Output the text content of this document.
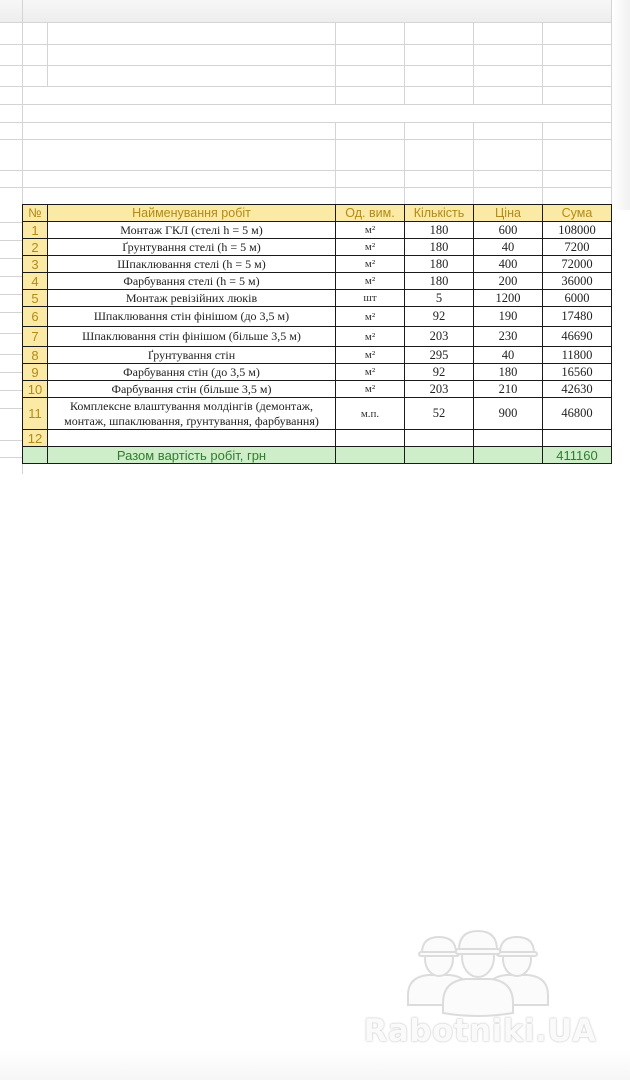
№	Найменування робіт	Од. вим.	Кількість	Ціна	Сума
1	Монтаж ГКЛ (стелі h = 5 м)	м²	180	600	108000
2	Ґрунтування стелі (h = 5 м)	м²	180	40	7200
3	Шпаклювання стелі (h = 5 м)	м²	180	400	72000
4	Фарбування стелі (h = 5 м)	м²	180	200	36000
5	Монтаж ревізійних люків	шт	5	1200	6000
6	Шпаклювання стін фінішом (до 3,5 м)	м²	92	190	17480
7	Шпаклювання стін фінішом (більше 3,5 м)	м²	203	230	46690
8	Ґрунтування стін	м²	295	40	11800
9	Фарбування стін (до 3,5 м)	м²	92	180	16560
10	Фарбування стін (більше 3,5 м)	м²	203	210	42630
11	Комплексне влаштування молдінгів (демонтаж, монтаж, шпаклювання, ґрунтування, фарбування)	м.п.	52	900	46800
12					
	Разом вартість робіт, грн				411160
Rabotniki.UA
